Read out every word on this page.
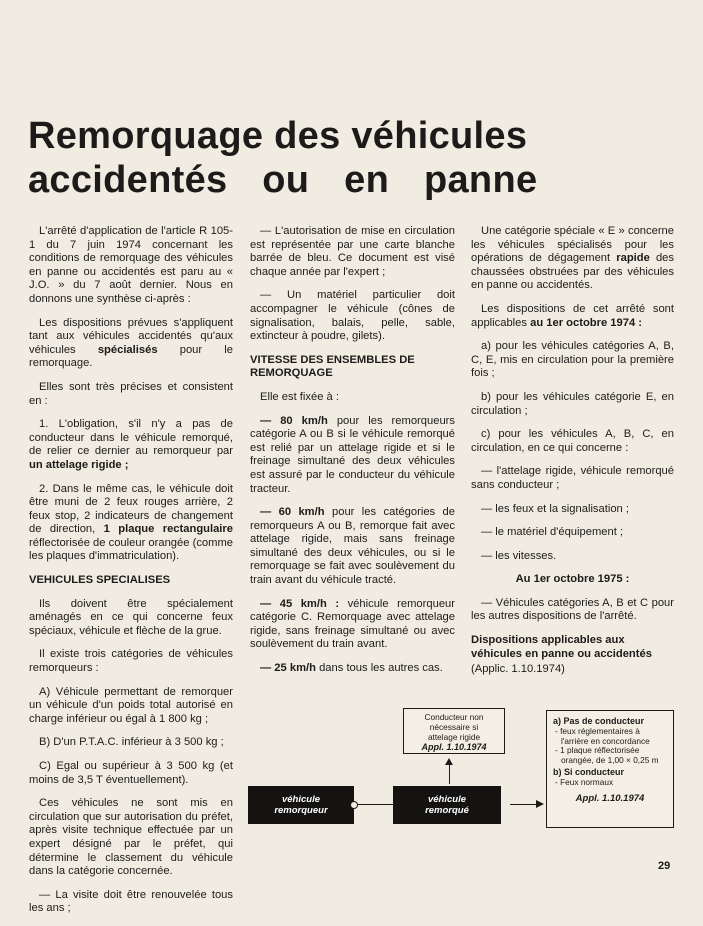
Remorquage des véhicules
accidentés ou en panne

L'arrêté d'application de l'article R 105-1 du 7 juin 1974 concernant les conditions de remorquage des véhicules en panne ou accidentés est paru au « J.O. » du 7 août dernier. Nous en donnons une synthèse ci-après :

Les dispositions prévues s'appliquent tant aux véhicules accidentés qu'aux véhicules spécialisés pour le remorquage.

Elles sont très précises et consistent en :

1. L'obligation, s'il n'y a pas de conducteur dans le véhicule remorqué, de relier ce dernier au remorqueur par un attelage rigide ;

2. Dans le même cas, le véhicule doit être muni de 2 feux rouges arrière, 2 feux stop, 2 indicateurs de changement de direction, 1 plaque rectangulaire réflectorisée de couleur orangée (comme les plaques d'immatriculation).

VEHICULES SPECIALISES

Ils doivent être spécialement aménagés en ce qui concerne feux spéciaux, véhicule et flèche de la grue.

Il existe trois catégories de véhicules remorqueurs :

A) Véhicule permettant de remorquer un véhicule d'un poids total autorisé en charge inférieur ou égal à 1 800 kg ;

B) D'un P.T.A.C. inférieur à 3 500 kg ;

C) Egal ou supérieur à 3 500 kg (et moins de 3,5 T éventuellement).

Ces véhicules ne sont mis en circulation que sur autorisation du préfet, après visite technique effectuée par un expert désigné par le préfet, qui détermine le classement du véhicule dans la catégorie concernée.

— La visite doit être renouvelée tous les ans ;

— L'autorisation de mise en circulation est représentée par une carte blanche barrée de bleu. Ce document est visé chaque année par l'expert ;

— Un matériel particulier doit accompagner le véhicule (cônes de signalisation, balais, pelle, sable, extincteur à poudre, gilets).

VITESSE DES ENSEMBLES DE REMORQUAGE

Elle est fixée à :

— 80 km/h pour les remorqueurs catégorie A ou B si le véhicule remorqué est relié par un attelage rigide et si le freinage simultané des deux véhicules est assuré par le conducteur du véhicule tracteur.

— 60 km/h pour les catégories de remorqueurs A ou B, remorque fait avec attelage rigide, mais sans freinage simultané des deux véhicules, ou si le remorquage se fait avec soulèvement du train avant du véhicule tracté.

— 45 km/h : véhicule remorqueur catégorie C. Remorquage avec attelage rigide, sans freinage simultané ou avec soulèvement du train avant.

— 25 km/h dans tous les autres cas.

Une catégorie spéciale « E » concerne les véhicules spécialisés pour les opérations de dégagement rapide des chaussées obstruées par des véhicules en panne ou accidentés.

Les dispositions de cet arrêté sont applicables au 1er octobre 1974 :

a) pour les véhicules catégories A, B, C, E, mis en circulation pour la première fois ;

b) pour les véhicules catégorie E, en circulation ;

c) pour les véhicules A, B, C, en circulation, en ce qui concerne :

— l'attelage rigide, véhicule remorqué sans conducteur ;

— les feux et la signalisation ;

— le matériel d'équipement ;

— les vitesses.

Au 1er octobre 1975 :

— Véhicules catégories A, B et C pour les autres dispositions de l'arrêté.

Dispositions applicables aux véhicules en panne ou accidentés

(Applic. 1.10.1974)

Conducteur non
nécessaire si
attelage rigide
Appl. 1.10.1974
véhicule
remorqueur
véhicule
remorqué
a) Pas de conducteur
- feux réglementaires à l'arrière en concordance
- 1 plaque réflectorisée orangée, de 1,00 × 0,25 m
b) Si conducteur
- Feux normaux
Appl. 1.10.1974
29
